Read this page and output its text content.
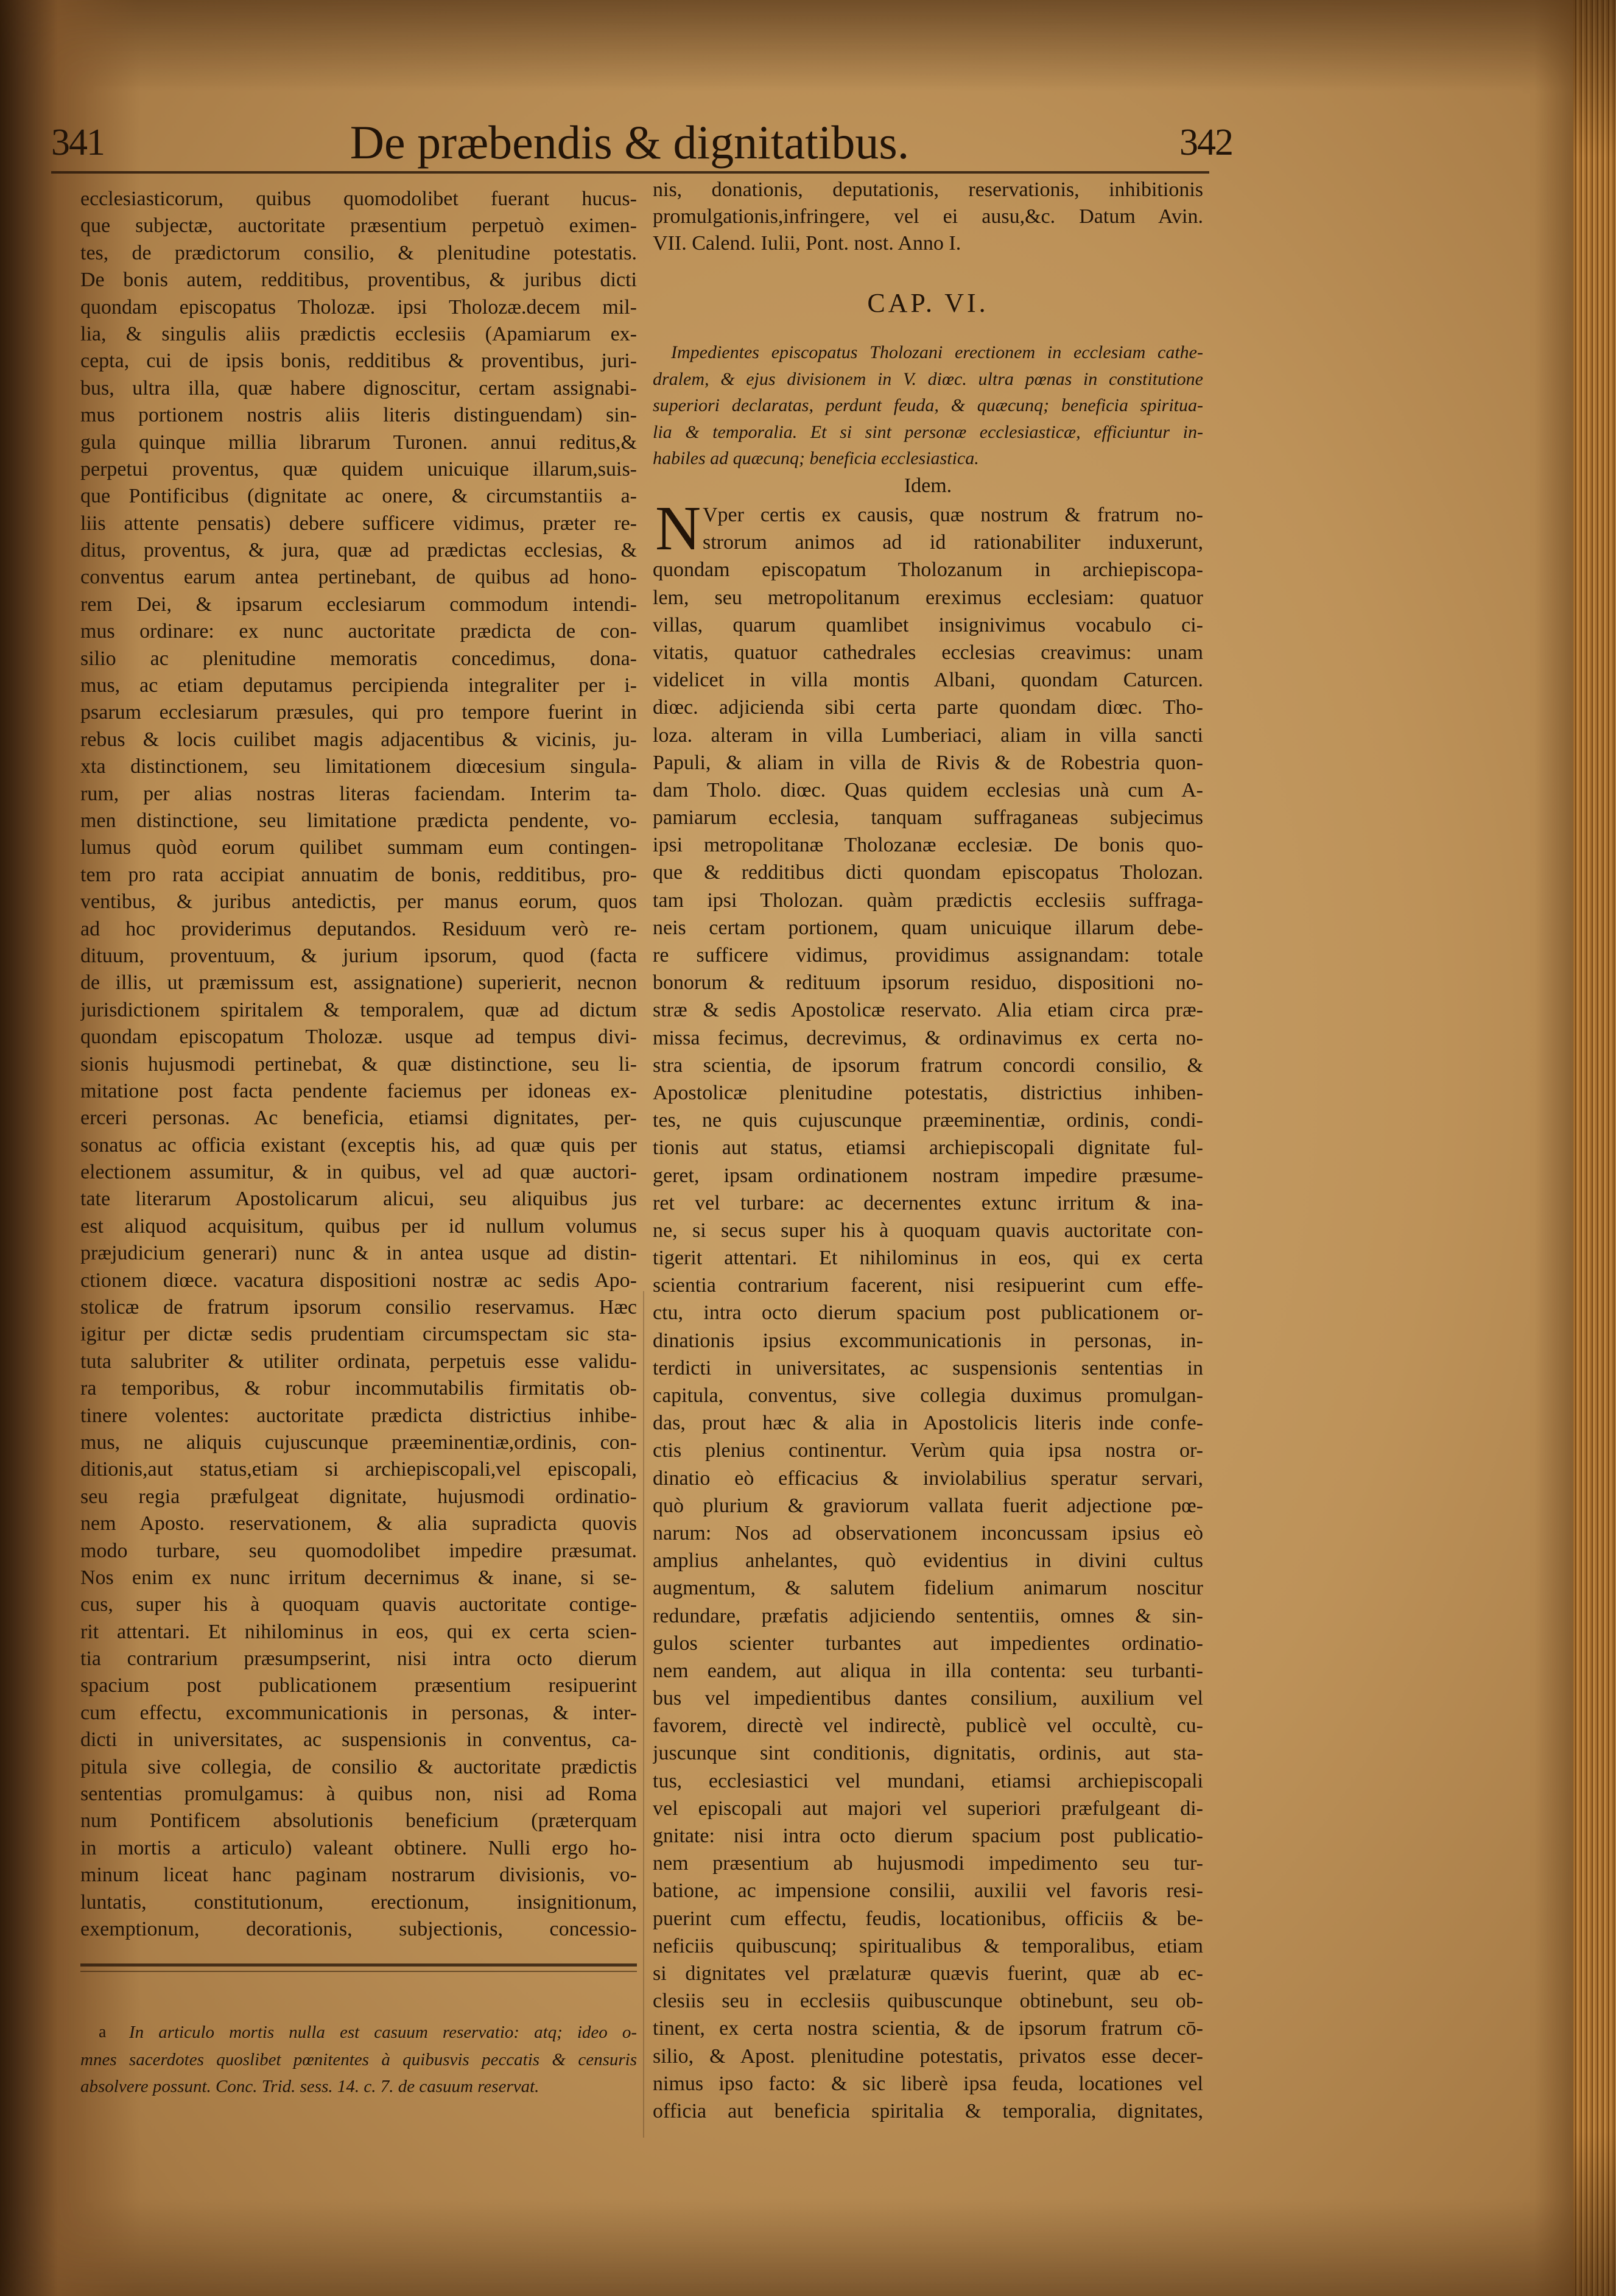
341	De præbendis & dignitatibus.	342
ecclesiasticorum, quibus quomodolibet fuerant hucus-
que subjectæ, auctoritate præsentium perpetuò eximen-
tes, de prædictorum consilio, & plenitudine potestatis.
De bonis autem, redditibus, proventibus, & juribus dicti
quondam episcopatus Tholozæ. ipsi Tholozæ.decem mil-
lia, & singulis aliis prædictis ecclesiis (Apamiarum ex-
cepta, cui de ipsis bonis, redditibus & proventibus, juri-
bus, ultra illa, quæ habere dignoscitur, certam assignabi-
mus portionem nostris aliis literis distinguendam) sin-
gula quinque millia librarum Turonen. annui reditus,&
perpetui proventus, quæ quidem unicuique illarum,suis-
que Pontificibus (dignitate ac onere, & circumstantiis a-
liis attente pensatis) debere sufficere vidimus, præter re-
ditus, proventus, & jura, quæ ad prædictas ecclesias, &
conventus earum antea pertinebant, de quibus ad hono-
rem Dei, & ipsarum ecclesiarum commodum intendi-
mus ordinare: ex nunc auctoritate prædicta de con-
silio ac plenitudine memoratis concedimus, dona-
mus, ac etiam deputamus percipienda integraliter per i-
psarum ecclesiarum præsules, qui pro tempore fuerint in
rebus & locis cuilibet magis adjacentibus & vicinis, ju-
xta distinctionem, seu limitationem diœcesium singula-
rum, per alias nostras literas faciendam. Interim ta-
men distinctione, seu limitatione prædicta pendente, vo-
lumus quòd eorum quilibet summam eum contingen-
tem pro rata accipiat annuatim de bonis, redditibus, pro-
ventibus, & juribus antedictis, per manus eorum, quos
ad hoc providerimus deputandos. Residuum verò re-
dituum, proventuum, & jurium ipsorum, quod (facta
de illis, ut præmissum est, assignatione) superierit, necnon
jurisdictionem spiritalem & temporalem, quæ ad dictum
quondam episcopatum Tholozæ. usque ad tempus divi-
sionis hujusmodi pertinebat, & quæ distinctione, seu li-
mitatione post facta pendente faciemus per idoneas ex-
erceri personas. Ac beneficia, etiamsi dignitates, per-
sonatus ac officia existant (exceptis his, ad quæ quis per
electionem assumitur, & in quibus, vel ad quæ auctori-
tate literarum Apostolicarum alicui, seu aliquibus jus
est aliquod acquisitum, quibus per id nullum volumus
præjudicium generari) nunc & in antea usque ad distin-
ctionem diœce. vacatura dispositioni nostræ ac sedis Apo-
stolicæ de fratrum ipsorum consilio reservamus. Hæc
igitur per dictæ sedis prudentiam circumspectam sic sta-
tuta salubriter & utiliter ordinata, perpetuis esse validu-
ra temporibus, & robur incommutabilis firmitatis ob-
tinere volentes: auctoritate prædicta districtius inhibe-
mus, ne aliquis cujuscunque præeminentiæ,ordinis, con-
ditionis,aut status,etiam si archiepiscopali,vel episcopali,
seu regia præfulgeat dignitate, hujusmodi ordinatio-
nem Aposto. reservationem, & alia supradicta quovis
modo turbare, seu quomodolibet impedire præsumat.
Nos enim ex nunc irritum decernimus & inane, si se-
cus, super his à quoquam quavis auctoritate contige-
rit attentari. Et nihilominus in eos, qui ex certa scien-
tia contrarium præsumpserint, nisi intra octo dierum
spacium post publicationem præsentium resipuerint
cum effectu, excommunicationis in personas, & inter-
dicti in universitates, ac suspensionis in conventus, ca-
pitula sive collegia, de consilio & auctoritate prædictis
sententias promulgamus: à quibus non, nisi ad Roma
num Pontificem absolutionis beneficium (præterquam
in mortis a articulo) valeant obtinere. Nulli ergo ho-
minum liceat hanc paginam nostrarum divisionis, vo-
luntatis, constitutionum, erectionum, insignitionum,
exemptionum, decorationis, subjectionis, concessio-
a	In articulo mortis nulla est casuum reservatio: atq; ideo o-
mnes sacerdotes quoslibet pœnitentes à quibusvis peccatis & censuris
absolvere possunt. Conc. Trid. sess. 14. c. 7. de casuum reservat.
nis, donationis, deputationis, reservationis, inhibitionis
promulgationis,infringere, vel ei ausu,&c. Datum Avin.
VII. Calend. Iulii, Pont. nost. Anno I.
CAP. VI.
Impedientes episcopatus Tholozani erectionem in ecclesiam cathe-
dralem, & ejus divisionem in V. diœc. ultra pœnas in constitutione
superiori declaratas, perdunt feuda, & quæcunq; beneficia spiritua-
lia & temporalia. Et si sint personæ ecclesiasticæ, efficiuntur in-
habiles ad quæcunq; beneficia ecclesiastica.
Idem.
N Vper certis ex causis, quæ nostrum & fratrum no-
strorum animos ad id rationabiliter induxerunt,
quondam episcopatum Tholozanum in archiepiscopa-
lem, seu metropolitanum ereximus ecclesiam: quatuor
villas, quarum quamlibet insignivimus vocabulo ci-
vitatis, quatuor cathedrales ecclesias creavimus: unam
videlicet in villa montis Albani, quondam Caturcen.
diœc. adjicienda sibi certa parte quondam diœc. Tho-
loza. alteram in villa Lumberiaci, aliam in villa sancti
Papuli, & aliam in villa de Rivis & de Robestria quon-
dam Tholo. diœc. Quas quidem ecclesias unà cum A-
pamiarum ecclesia, tanquam suffraganeas subjecimus
ipsi metropolitanæ Tholozanæ ecclesiæ. De bonis quo-
que & redditibus dicti quondam episcopatus Tholozan.
tam ipsi Tholozan. quàm prædictis ecclesiis suffraga-
neis certam portionem, quam unicuique illarum debe-
re sufficere vidimus, providimus assignandam: totale
bonorum & redituum ipsorum residuo, dispositioni no-
stræ & sedis Apostolicæ reservato. Alia etiam circa præ-
missa fecimus, decrevimus, & ordinavimus ex certa no-
stra scientia, de ipsorum fratrum concordi consilio, &
Apostolicæ plenitudine potestatis, districtius inhiben-
tes, ne quis cujuscunque præeminentiæ, ordinis, condi-
tionis aut status, etiamsi archiepiscopali dignitate ful-
geret, ipsam ordinationem nostram impedire præsume-
ret vel turbare: ac decernentes extunc irritum & ina-
ne, si secus super his à quoquam quavis auctoritate con-
tigerit attentari. Et nihilominus in eos, qui ex certa
scientia contrarium facerent, nisi resipuerint cum effe-
ctu, intra octo dierum spacium post publicationem or-
dinationis ipsius excommunicationis in personas, in-
terdicti in universitates, ac suspensionis sententias in
capitula, conventus, sive collegia duximus promulgan-
das, prout hæc & alia in Apostolicis literis inde confe-
ctis plenius continentur. Verùm quia ipsa nostra or-
dinatio eò efficacius & inviolabilius speratur servari,
quò plurium & graviorum vallata fuerit adjectione pœ-
narum: Nos ad observationem inconcussam ipsius eò
amplius anhelantes, quò evidentius in divini cultus
augmentum, & salutem fidelium animarum noscitur
redundare, præfatis adjiciendo sententiis, omnes & sin-
gulos scienter turbantes aut impedientes ordinatio-
nem eandem, aut aliqua in illa contenta: seu turbanti-
bus vel impedientibus dantes consilium, auxilium vel
favorem, directè vel indirectè, publicè vel occultè, cu-
juscunque sint conditionis, dignitatis, ordinis, aut sta-
tus, ecclesiastici vel mundani, etiamsi archiepiscopali
vel episcopali aut majori vel superiori præfulgeant di-
gnitate: nisi intra octo dierum spacium post publicatio-
nem præsentium ab hujusmodi impedimento seu tur-
batione, ac impensione consilii, auxilii vel favoris resi-
puerint cum effectu, feudis, locationibus, officiis & be-
neficiis quibuscunq; spiritualibus & temporalibus, etiam
si dignitates vel prælaturæ quævis fuerint, quæ ab ec-
clesiis seu in ecclesiis quibuscunque obtinebunt, seu ob-
tinent, ex certa nostra scientia, & de ipsorum fratrum cō-
silio, & Apost. plenitudine potestatis, privatos esse decer-
nimus ipso facto: & sic liberè ipsa feuda, locationes vel
officia aut beneficia spiritalia & temporalia, dignitates,
